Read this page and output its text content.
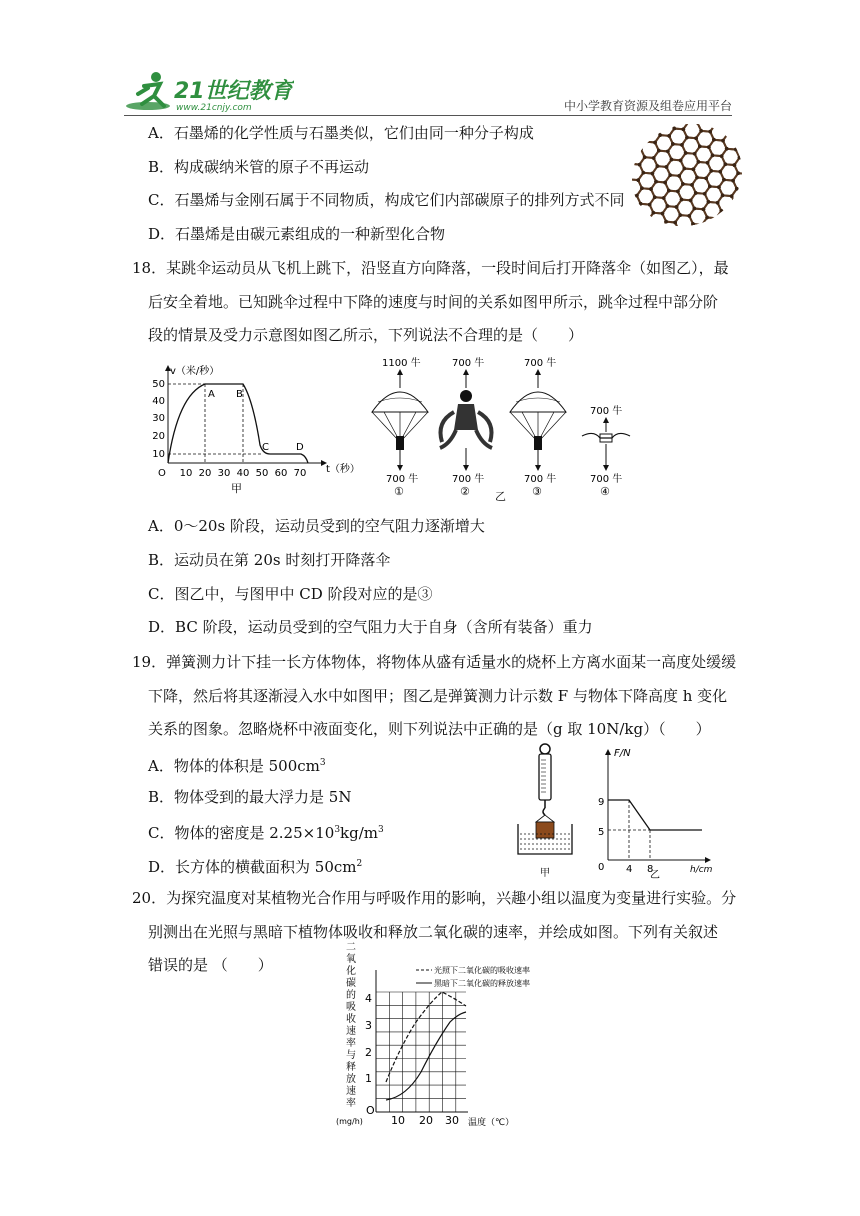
21世纪教育
www.21cnjy.com	中小学教育资源及组卷应用平台
A．石墨烯的化学性质与石墨类似，它们由同一种分子构成
B．构成碳纳米管的原子不再运动
C．石墨烯与金刚石属于不同物质，构成它们内部碳原子的排列方式不同
D．石墨烯是由碳元素组成的一种新型化合物
18．某跳伞运动员从飞机上跳下，沿竖直方向降落，一段时间后打开降落伞（如图乙），最
后安全着地。已知跳伞过程中下降的速度与时间的关系如图甲所示，跳伞过程中部分阶
段的情景及受力示意图如图乙所示，下列说法不合理的是（　　）
v（米/秒）
t（秒）
O
10
20
30
40
50
10 20 30 40 50 60 70
A B
C	D
甲
1100 牛
700 牛
①
700 牛
700 牛
②
700 牛
700 牛
③
700 牛
700 牛
④
乙
A．0～20s 阶段，运动员受到的空气阻力逐渐增大
B．运动员在第 20s 时刻打开降落伞
C．图乙中，与图甲中 CD 阶段对应的是③
D．BC 阶段，运动员受到的空气阻力大于自身（含所有装备）重力
19．弹簧测力计下挂一长方体物体，将物体从盛有适量水的烧杯上方离水面某一高度处缓缓
下降，然后将其逐渐浸入水中如图甲；图乙是弹簧测力计示数 F 与物体下降高度 h 变化
关系的图象。忽略烧杯中液面变化，则下列说法中正确的是（g 取 10N/kg）（　　）
A．物体的体积是 $500cm^3$
B．物体受到的最大浮力是 5N
C．物体的密度是 $2.25\times 10^3kg/m^3$
D．长方体的横截面积为 $50cm^2$
甲
F/N
h/cm
0
9
5
4 8
乙
20．为探究温度对某植物光合作用与呼吸作用的影响，兴趣小组以温度为变量进行实验。分
别测出在光照与黑暗下植物体吸收和释放二氧化碳的速率，并绘成如图。下列有关叙述
错误的是 （　　）
二
氧
化
碳
的
吸
收
速
率
与
释
放
速
率
(mg/h)
1
2
3
4
O
10 20 30 温度（℃）
光照下二氧化碳的吸收速率
黑暗下二氧化碳的释放速率
